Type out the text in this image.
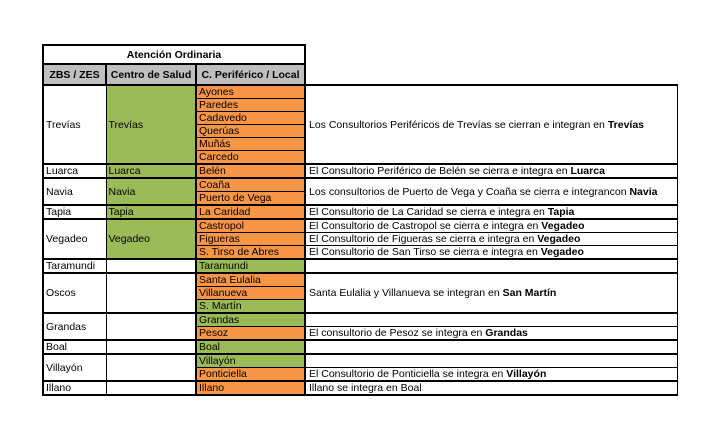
Atención Ordinaria			
ZBS / ZES	Centro de Salud	C. Periférico / Local	
Trevías	Trevías	Ayones	Los Consultorios Periféricos de Trevías se cierran e integran en Trevías
		Paredes	
		Cadavedo	
		Querúas	
		Muñás	
		Carcedo	
Luarca	Luarca	Belén	El Consultorio Periférico de Belén se cierra e integra en Luarca
Navia	Navia	Coaña	Los consultorios de Puerto de Vega y Coaña se cierra e integrancon Navia
		Puerto de Vega	
Tapia	Tapia	La Caridad	El Consultorio de La Caridad se cierra e integra en Tapia
Vegadeo	Vegadeo	Castropol	El Consultorio de Castropol se cierra e integra en Vegadeo
		Figueras	El Consultorio de Figueras se cierra e integra en Vegadeo
		S. Tirso de Abres	El Consultorio de San Tirso se cierra e integra en Vegadeo
Taramundi		Taramundi	
Oscos		Santa Eulalia	Santa Eulalia y Villanueva se integran en San Martín
		Villanueva	
		S. Martín	
Grandas		Grandas	
		Pesoz	El consultorio de Pesoz se integra en Grandas
Boal		Boal	
Villayón		Villayón	
		Ponticiella	El Consultorio de Ponticiella se integra en Villayón
Illano		Illano	Illano se integra en Boal
